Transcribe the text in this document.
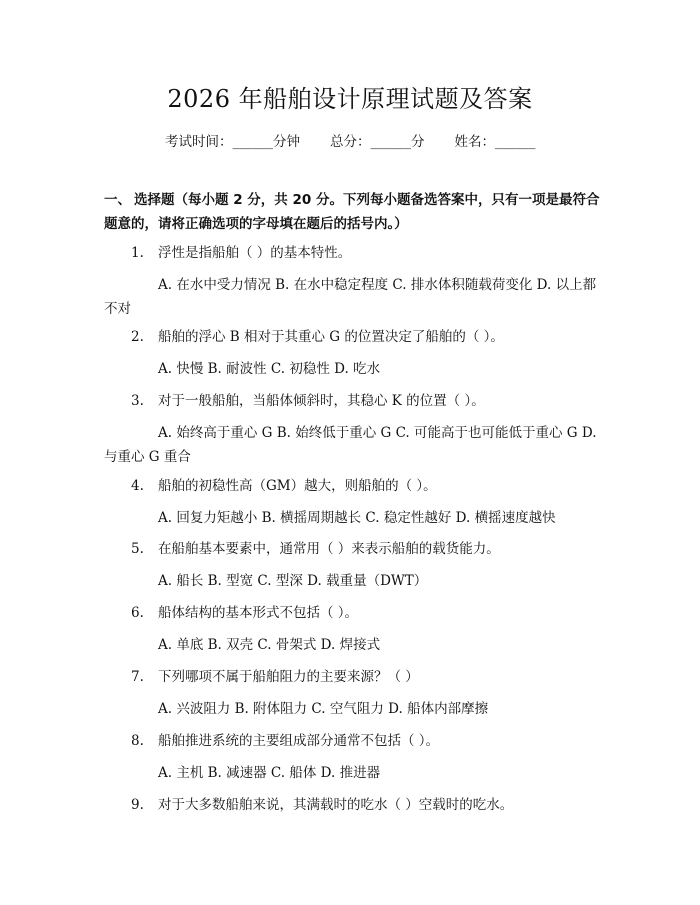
2026 年船舶设计原理试题及答案
考试时间：______分钟 总分：______分 姓名：______
一、 选择题（每小题 2 分，共 20 分。下列每小题备选答案中，只有一项是最符合题意的，请将正确选项的字母填在题后的括号内。）
1. 浮性是指船舶（ ）的基本特性。
A. 在水中受力情况 B. 在水中稳定程度 C. 排水体积随载荷变化 D. 以上都不对
2. 船舶的浮心 B 相对于其重心 G 的位置决定了船舶的（ ）。
A. 快慢 B. 耐波性 C. 初稳性 D. 吃水
3. 对于一般船舶，当船体倾斜时，其稳心 K 的位置（ ）。
A. 始终高于重心 G B. 始终低于重心 G C. 可能高于也可能低于重心 G D. 与重心 G 重合
4. 船舶的初稳性高（GM）越大，则船舶的（ ）。
A. 回复力矩越小 B. 横摇周期越长 C. 稳定性越好 D. 横摇速度越快
5. 在船舶基本要素中，通常用（ ）来表示船舶的载货能力。
A. 船长 B. 型宽 C. 型深 D. 载重量（DWT）
6. 船体结构的基本形式不包括（ ）。
A. 单底 B. 双壳 C. 骨架式 D. 焊接式
7. 下列哪项不属于船舶阻力的主要来源？（ ）
A. 兴波阻力 B. 附体阻力 C. 空气阻力 D. 船体内部摩擦
8. 船舶推进系统的主要组成部分通常不包括（ ）。
A. 主机 B. 减速器 C. 船体 D. 推进器
9. 对于大多数船舶来说，其满载时的吃水（ ）空载时的吃水。
